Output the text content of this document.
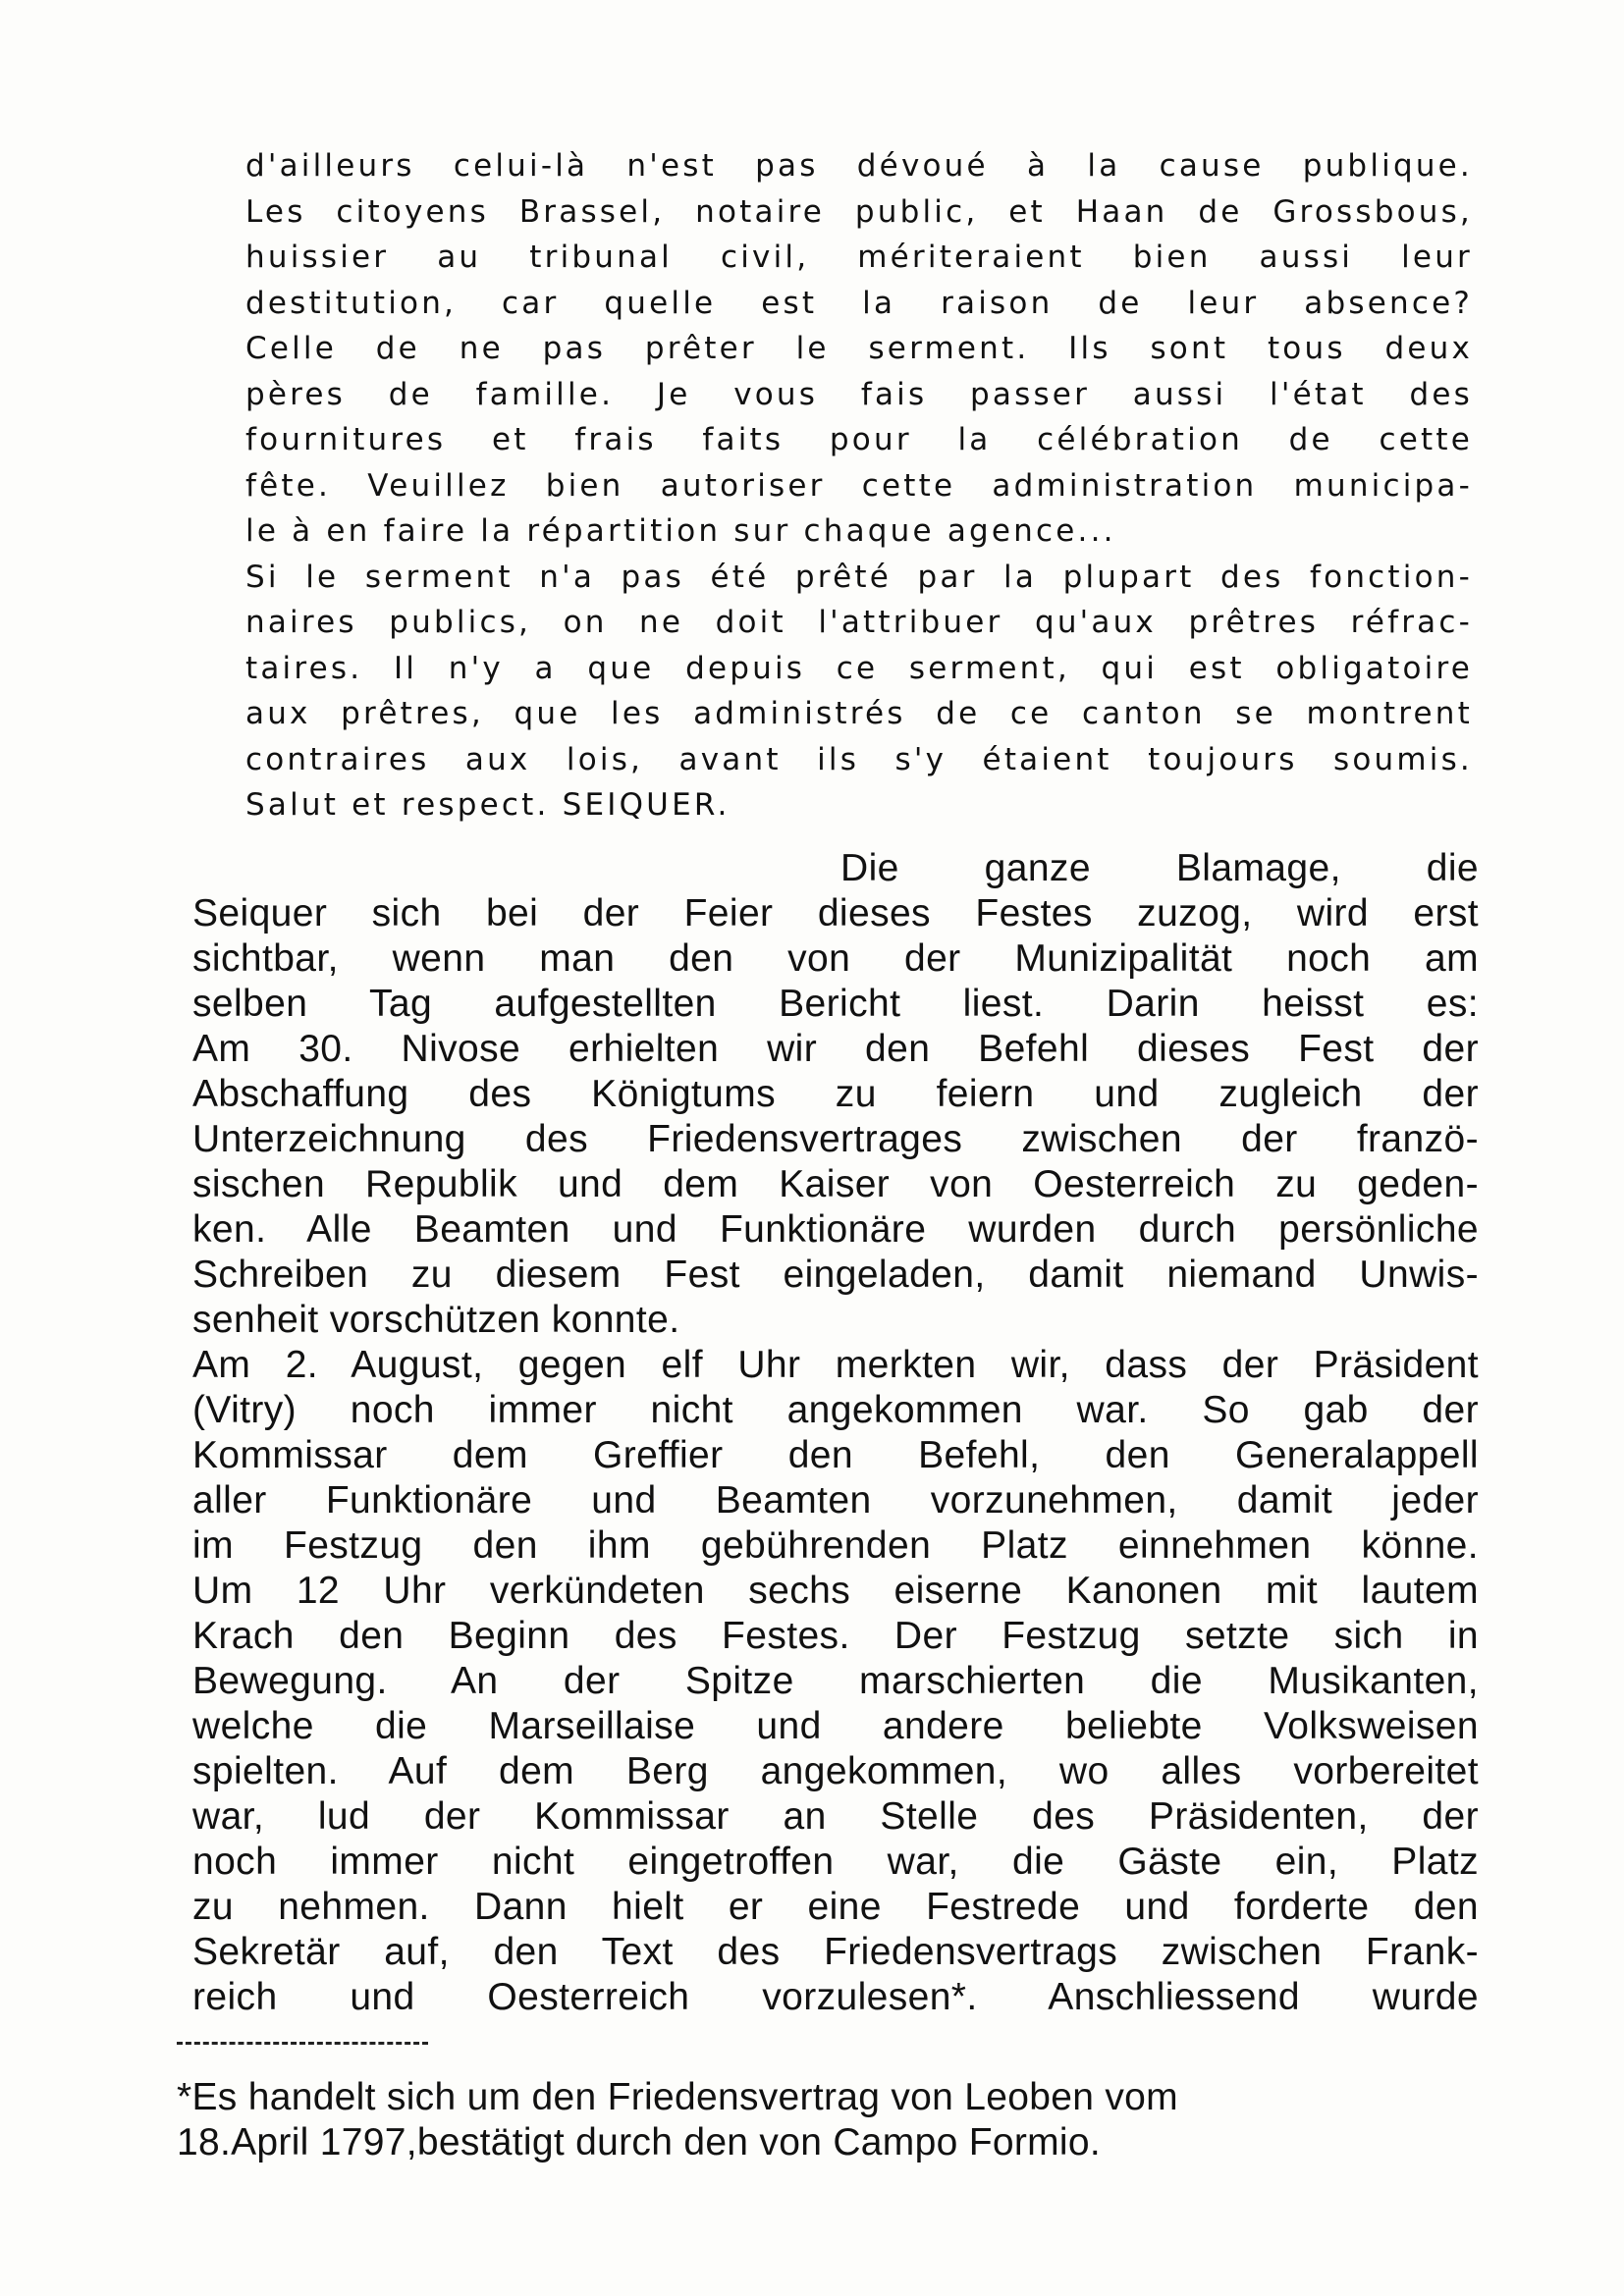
d'ailleurs celui-là n'est pas dévoué à la cause publique.
Les citoyens Brassel, notaire public, et Haan de Grossbous,
huissier au tribunal civil, mériteraient bien aussi leur
destitution, car quelle est la raison de leur absence?
Celle de ne pas prêter le serment. Ils sont tous deux
pères de famille. Je vous fais passer aussi l'état des
fournitures et frais faits pour la célébration de cette
fête. Veuillez bien autoriser cette administration municipa-
le à en faire la répartition sur chaque agence...
Si le serment n'a pas été prêté par la plupart des fonction-
naires publics, on ne doit l'attribuer qu'aux prêtres réfrac-
taires. Il n'y a que depuis ce serment, qui est obligatoire
aux prêtres, que les administrés de ce canton se montrent
contraires aux lois, avant ils s'y étaient toujours soumis.
Salut et respect. SEIQUER.
Die ganze Blamage, die
Seiquer sich bei der Feier dieses Festes zuzog, wird erst
sichtbar, wenn man den von der Munizipalität noch am
selben Tag aufgestellten Bericht liest. Darin heisst es:
Am 30. Nivose erhielten wir den Befehl dieses Fest der
Abschaffung des Königtums zu feiern und zugleich der
Unterzeichnung des Friedensvertrages zwischen der franzö-
sischen Republik und dem Kaiser von Oesterreich zu geden-
ken. Alle Beamten und Funktionäre wurden durch persönliche
Schreiben zu diesem Fest eingeladen, damit niemand Unwis-
senheit vorschützen konnte.
Am 2. August, gegen elf Uhr merkten wir, dass der Präsident
(Vitry) noch immer nicht angekommen war. So gab der
Kommissar dem Greffier den Befehl, den Generalappell
aller Funktionäre und Beamten vorzunehmen, damit jeder
im Festzug den ihm gebührenden Platz einnehmen könne.
Um 12 Uhr verkündeten sechs eiserne Kanonen mit lautem
Krach den Beginn des Festes. Der Festzug setzte sich in
Bewegung. An der Spitze marschierten die Musikanten,
welche die Marseillaise und andere beliebte Volksweisen
spielten. Auf dem Berg angekommen, wo alles vorbereitet
war, lud der Kommissar an Stelle des Präsidenten, der
noch immer nicht eingetroffen war, die Gäste ein, Platz
zu nehmen. Dann hielt er eine Festrede und forderte den
Sekretär auf, den Text des Friedensvertrags zwischen Frank-
reich und Oesterreich vorzulesen*. Anschliessend wurde
*Es handelt sich um den Friedensvertrag von Leoben vom
18.April 1797,bestätigt durch den von Campo Formio.
